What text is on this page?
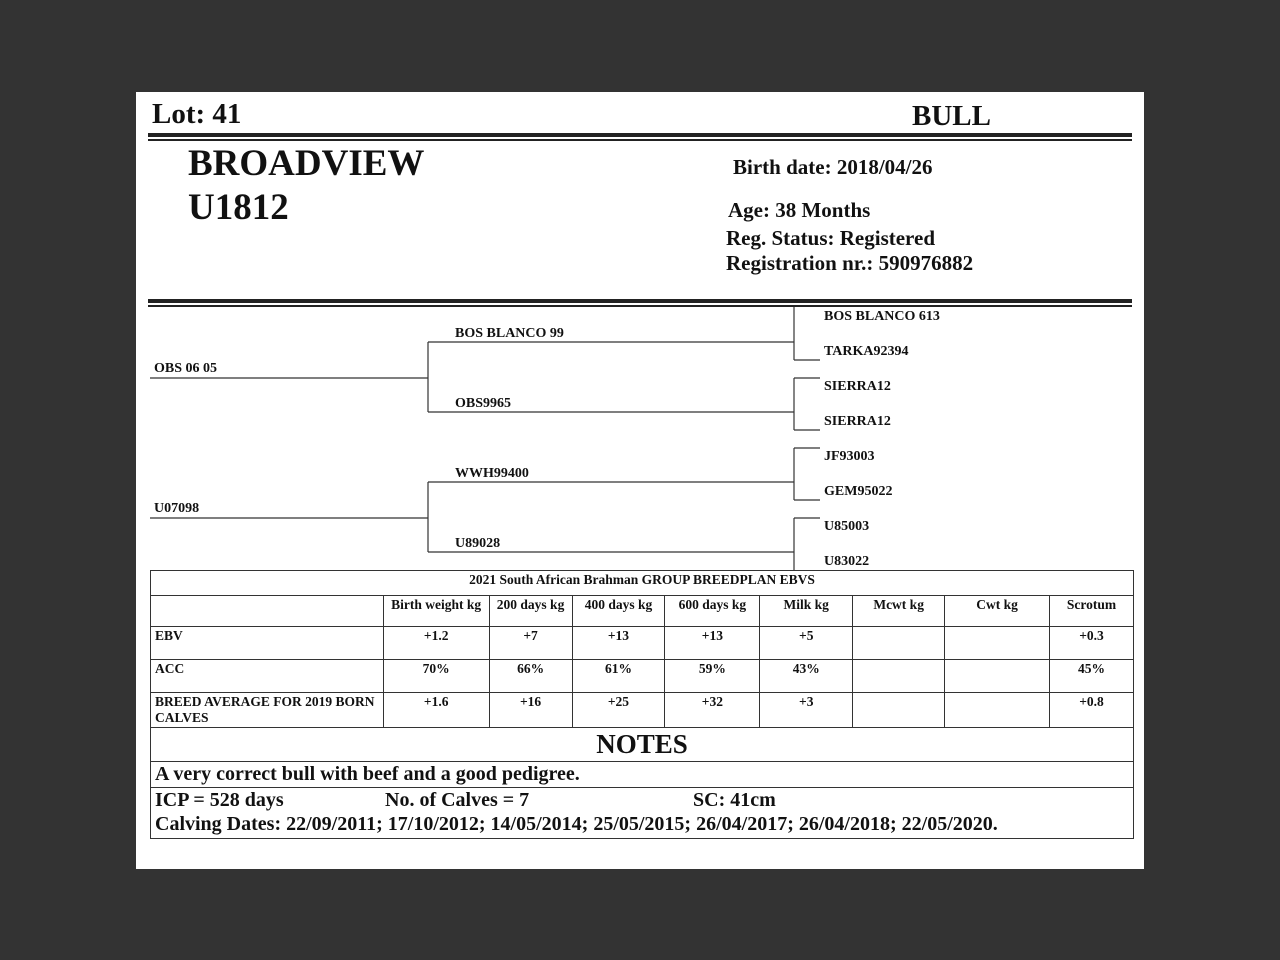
Lot: 41	BULL
BROADVIEW
U1812
Birth date: 2018/04/26
Age: 38 Months
Reg. Status: Registered
Registration nr.: 590976882
OBS 06 05
U07098
BOS BLANCO 99
OBS9965
WWH99400
U89028
BOS BLANCO 613
TARKA92394
SIERRA12
SIERRA12
JF93003
GEM95022
U85003
U83022
2021 South African Brahman GROUP BREEDPLAN EBVS								
	Birth weight kg	200 days kg	400 days kg	600 days kg	Milk kg	Mcwt kg	Cwt kg	Scrotum
EBV	+1.2	+7	+13	+13	+5			+0.3
ACC	70%	66%	61%	59%	43%			45%
BREED AVERAGE FOR 2019 BORN CALVES	+1.6	+16	+25	+32	+3			+0.8
NOTES								
A very correct bull with beef and a good pedigree.								

ICP = 528 days No. of Calves = 7 SC: 41cm
Calving Dates: 22/09/2011; 17/10/2012; 14/05/2014; 25/05/2015; 26/04/2017; 26/04/2018; 22/05/2020.								
